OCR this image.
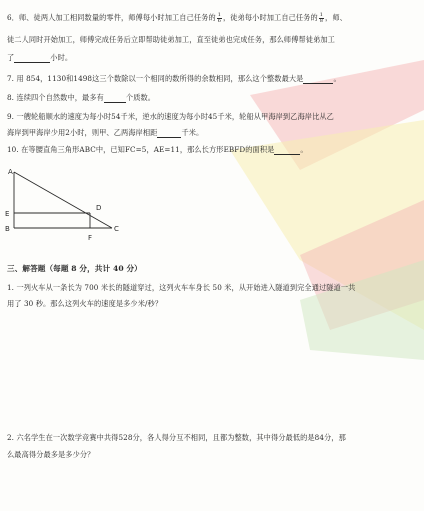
6．师、徒两人加工相同数量的零件，师傅每小时加工自己任务的 $\frac{1}{6}$ ，徒弟每小时加工自己任务的 $\frac{1}{8}$ ，师、
徒二人同时开始加工，师傅完成任务后立即帮助徒弟加工，直至徒弟也完成任务，那么师傅帮徒弟加工
了	小时。
7. 用 854，1130和1498这三个数除以一个相同的数所得的余数相同，那么这个整数最大是	。
8. 连续四个自然数中，最多有	个质数。
9. 一艘轮船顺水的速度为每小时54千米，逆水的速度为每小时45千米，轮船从甲海岸到乙海岸比从乙
海岸到甲海岸少用2小时，则甲、乙两海岸相距	千米。
10. 在等腰直角三角形ABC中，已知FC=5，AE=11，那么长方形EBFD的面积是	。
A
E
B
D
F
C
三、解答题（每题 8 分，共计 40 分）
1. 一列火车从一条长为 700 米长的隧道穿过，这列火车车身长 50 米，从开始进入隧道到完全通过隧道一共
用了 30 秒。那么这列火车的速度是多少米/秒？
2. 六名学生在一次数学竞赛中共得528分，各人得分互不相同，且都为整数，其中得分最低的是84分，那
么最高得分最多是多少分？
